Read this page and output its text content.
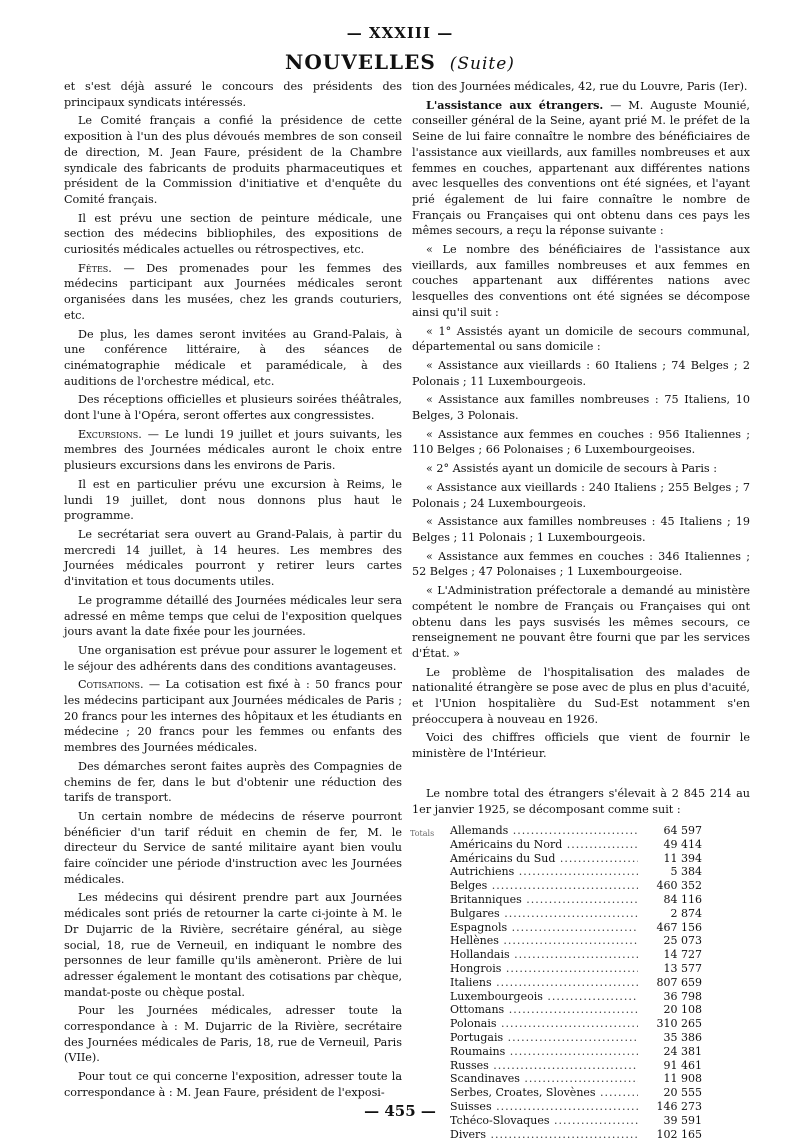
— XXXIII —
NOUVELLES (Suite)

et s'est déjà assuré le concours des présidents des principaux syndicats intéressés.

Le Comité français a confié la présidence de cette exposition à l'un des plus dévoués membres de son conseil de direction, M. Jean Faure, président de la Chambre syndicale des fabricants de produits pharmaceutiques et président de la Commission d'initiative et d'enquête du Comité français.

Il est prévu une section de peinture médicale, une section des médecins bibliophiles, des expositions de curiosités médicales actuelles ou rétrospectives, etc.

Fêtes. — Des promenades pour les femmes des médecins participant aux Journées médicales seront organisées dans les musées, chez les grands couturiers, etc.

De plus, les dames seront invitées au Grand-Palais, à une conférence littéraire, à des séances de cinématographie médicale et paramédicale, à des auditions de l'orchestre médical, etc.

Des réceptions officielles et plusieurs soirées théâtrales, dont l'une à l'Opéra, seront offertes aux congressistes.

Excursions. — Le lundi 19 juillet et jours suivants, les membres des Journées médicales auront le choix entre plusieurs excursions dans les environs de Paris.

Il est en particulier prévu une excursion à Reims, le lundi 19 juillet, dont nous donnons plus haut le programme.

Le secrétariat sera ouvert au Grand-Palais, à partir du mercredi 14 juillet, à 14 heures. Les membres des Journées médicales pourront y retirer leurs cartes d'invitation et tous documents utiles.

Le programme détaillé des Journées médicales leur sera adressé en même temps que celui de l'exposition quelques jours avant la date fixée pour les journées.

Une organisation est prévue pour assurer le logement et le séjour des adhérents dans des conditions avantageuses.

Cotisations. — La cotisation est fixé à : 50 francs pour les médecins participant aux Journées médicales de Paris ; 20 francs pour les internes des hôpitaux et les étudiants en médecine ; 20 francs pour les femmes ou enfants des membres des Journées médicales.

Des démarches seront faites auprès des Compagnies de chemins de fer, dans le but d'obtenir une réduction des tarifs de transport.

Un certain nombre de médecins de réserve pourront bénéficier d'un tarif réduit en chemin de fer, M. le directeur du Service de santé militaire ayant bien voulu faire coïncider une période d'instruction avec les Journées médicales.

Les médecins qui désirent prendre part aux Journées médicales sont priés de retourner la carte ci-jointe à M. le Dr Dujarric de la Rivière, secrétaire général, au siège social, 18, rue de Verneuil, en indiquant le nombre des personnes de leur famille qu'ils amèneront. Prière de lui adresser également le montant des cotisations par chèque, mandat-poste ou chèque postal.

Pour les Journées médicales, adresser toute la correspondance à : M. Dujarric de la Rivière, secrétaire des Journées médicales de Paris, 18, rue de Verneuil, Paris (VIIe).

Pour tout ce qui concerne l'exposition, adresser toute la correspondance à : M. Jean Faure, président de l'exposi-

tion des Journées médicales, 42, rue du Louvre, Paris (Ier).

L'assistance aux étrangers. — M. Auguste Mounié, conseiller général de la Seine, ayant prié M. le préfet de la Seine de lui faire connaître le nombre des bénéficiaires de l'assistance aux vieillards, aux familles nombreuses et aux femmes en couches, appartenant aux différentes nations avec lesquelles des conventions ont été signées, et l'ayant prié également de lui faire connaître le nombre de Français ou Françaises qui ont obtenu dans ces pays les mêmes secours, a reçu la réponse suivante :

« Le nombre des bénéficiaires de l'assistance aux vieillards, aux familles nombreuses et aux femmes en couches appartenant aux différentes nations avec lesquelles des conventions ont été signées se décompose ainsi qu'il suit :

« 1° Assistés ayant un domicile de secours communal, départemental ou sans domicile :

« Assistance aux vieillards : 60 Italiens ; 74 Belges ; 2 Polonais ; 11 Luxembourgeois.

« Assistance aux familles nombreuses : 75 Italiens, 10 Belges, 3 Polonais.

« Assistance aux femmes en couches : 956 Italiennes ; 110 Belges ; 66 Polonaises ; 6 Luxembourgeoises.

« 2° Assistés ayant un domicile de secours à Paris :

« Assistance aux vieillards : 240 Italiens ; 255 Belges ; 7 Polonais ; 24 Luxembourgeois.

« Assistance aux familles nombreuses : 45 Italiens ; 19 Belges ; 11 Polonais ; 1 Luxembourgeois.

« Assistance aux femmes en couches : 346 Italiennes ; 52 Belges ; 47 Polonaises ; 1 Luxembourgeoise.

« L'Administration préfectorale a demandé au ministère compétent le nombre de Français ou Françaises qui ont obtenu dans les pays susvisés les mêmes secours, ce renseignement ne pouvant être fourni que par les services d'État. »

Le problème de l'hospitalisation des malades de nationalité étrangère se pose avec de plus en plus d'acuité, et l'Union hospitalière du Sud-Est notamment s'en préoccupera à nouveau en 1926.

Voici des chiffres officiels que vient de fournir le ministère de l'Intérieur.

Le nombre total des étrangers s'élevait à 2 845 214 au 1er janvier 1925, se décomposant comme suit :

Totals	Allemands .....	64 597
Américains du Nord .....	49 414
Américains du Sud .....	11 394
Autrichiens .....	5 384
Belges .....	460 352
Britanniques .....	84 116
Bulgares .....	2 874
Espagnols .....	467 156
Hellènes .....	25 073
Hollandais .....	14 727
Hongrois .....	13 577
Italiens .....	807 659
Luxembourgeois .....	36 798
Ottomans .....	20 108
Polonais .....	310 265
Portugais .....	35 386
Roumains .....	24 381
Russes .....	91 461
Scandinaves .....	11 908
Serbes, Croates, Slovènes .....	20 555
Suisses .....	146 273
Tchéco-Slovaques .....	39 591
Divers .....	102 165
— 455 —
